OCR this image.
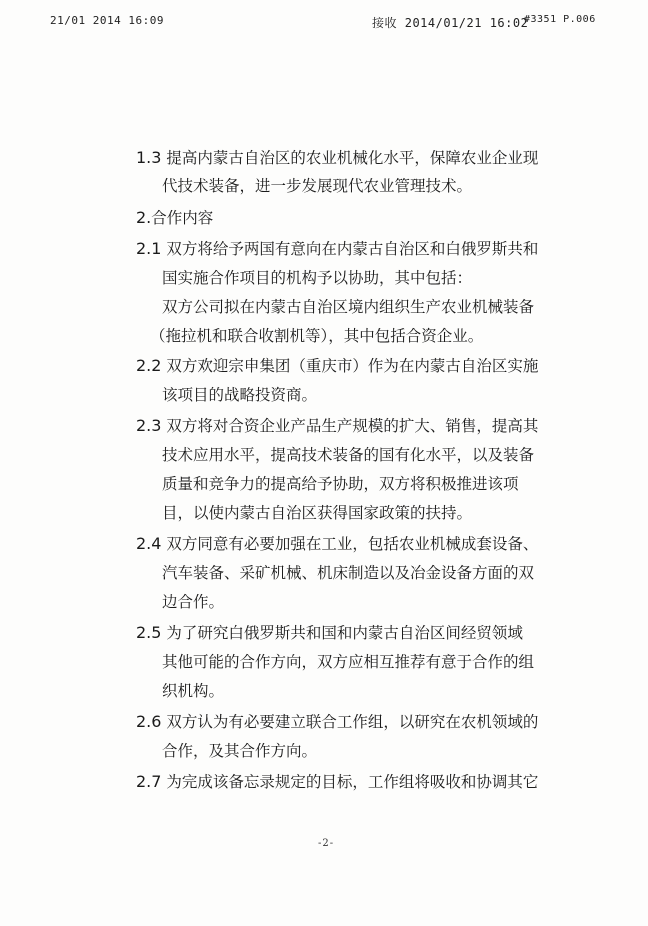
21/01 2014 16:09	接收 2014/01/21 16:02
#3351 P.006
1.3 提高内蒙古自治区的农业机械化水平，保障农业企业现
代技术装备，进一步发展现代农业管理技术。
2.合作内容
2.1 双方将给予两国有意向在内蒙古自治区和白俄罗斯共和
国实施合作项目的机构予以协助，其中包括：
双方公司拟在内蒙古自治区境内组织生产农业机械装备
（拖拉机和联合收割机等），其中包括合资企业。
2.2 双方欢迎宗申集团（重庆市）作为在内蒙古自治区实施
该项目的战略投资商。
2.3 双方将对合资企业产品生产规模的扩大、销售，提高其
技术应用水平，提高技术装备的国有化水平，以及装备
质量和竞争力的提高给予协助，双方将积极推进该项
目，以使内蒙古自治区获得国家政策的扶持。
2.4 双方同意有必要加强在工业，包括农业机械成套设备、
汽车装备、采矿机械、机床制造以及冶金设备方面的双
边合作。
2.5 为了研究白俄罗斯共和国和内蒙古自治区间经贸领域
其他可能的合作方向，双方应相互推荐有意于合作的组
织机构。
2.6 双方认为有必要建立联合工作组，以研究在农机领域的
合作，及其合作方向。
2.7 为完成该备忘录规定的目标，工作组将吸收和协调其它
-2-
